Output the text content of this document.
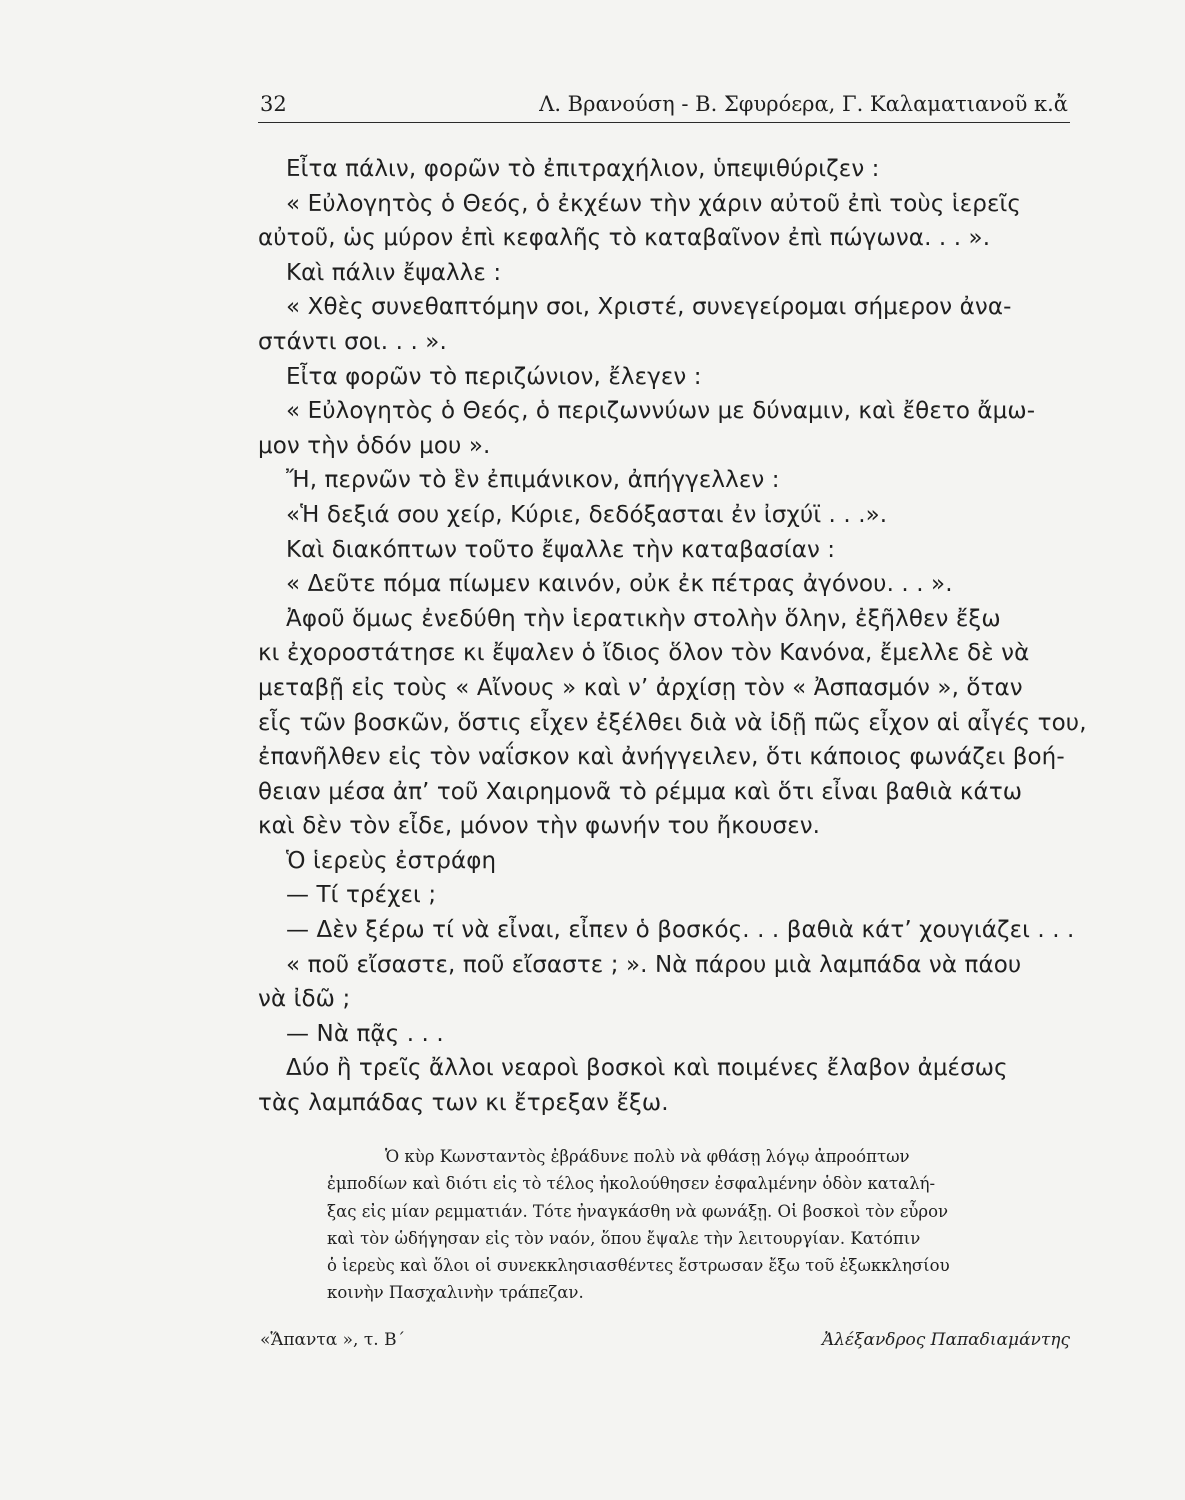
32	Λ. Βρανούση - Β. Σφυρόερα, Γ. Καλαματιανοῦ κ.ἄ
Εἶτα πάλιν, φορῶν τὸ ἐπιτραχήλιον, ὑπεψιθύριζεν :
« Εὐλογητὸς ὁ Θεός, ὁ ἐκχέων τὴν χάριν αὐτοῦ ἐπὶ τοὺς ἱερεῖς
αὐτοῦ, ὡς μύρον ἐπὶ κεφαλῆς τὸ καταβαῖνον ἐπὶ πώγωνα. . . ».
Καὶ πάλιν ἔψαλλε :
« Χθὲς συνεθαπτόμην σοι, Χριστέ, συνεγείρομαι σήμερον ἀνα-
στάντι σοι. . . ».
Εἶτα φορῶν τὸ περιζώνιον, ἔλεγεν :
« Εὐλογητὸς ὁ Θεός, ὁ περιζωννύων με δύναμιν, καὶ ἔθετο ἄμω-
μον τὴν ὁδόν μου ».
Ἤ, περνῶν τὸ ἓν ἐπιμάνικον, ἀπήγγελλεν :
«Ἡ δεξιά σου χείρ, Κύριε, δεδόξασται ἐν ἰσχύϊ . . .».
Καὶ διακόπτων τοῦτο ἔψαλλε τὴν καταβασίαν :
« Δεῦτε πόμα πίωμεν καινόν, οὐκ ἐκ πέτρας ἀγόνου. . . ».
Ἀφοῦ ὅμως ἐνεδύθη τὴν ἱερατικὴν στολὴν ὅλην, ἐξῆλθεν ἔξω
κι ἐχοροστάτησε κι ἔψαλεν ὁ ἴδιος ὅλον τὸν Κανόνα, ἔμελλε δὲ νὰ
μεταβῇ εἰς τοὺς « Αἴνους » καὶ ν’ ἀρχίσῃ τὸν « Ἀσπασμόν », ὅταν
εἷς τῶν βοσκῶν, ὅστις εἶχεν ἐξέλθει διὰ νὰ ἰδῇ πῶς εἶχον αἱ αἶγές του,
ἐπανῆλθεν εἰς τὸν ναΐσκον καὶ ἀνήγγειλεν, ὅτι κάποιος φωνάζει βοή-
θειαν μέσα ἀπ’ τοῦ Χαιρημονᾶ τὸ ρέμμα καὶ ὅτι εἶναι βαθιὰ κάτω
καὶ δὲν τὸν εἶδε, μόνον τὴν φωνήν του ἤκουσεν.
Ὁ ἱερεὺς ἐστράφη
— Τί τρέχει ;
— Δὲν ξέρω τί νὰ εἶναι, εἶπεν ὁ βοσκός. . . βαθιὰ κάτ’ χουγιάζει . . .
« ποῦ εἴσαστε, ποῦ εἴσαστε ; ». Νὰ πάρου μιὰ λαμπάδα νὰ πάου
νὰ ἰδῶ ;
— Νὰ πᾷς . . .
Δύο ἢ τρεῖς ἄλλοι νεαροὶ βοσκοὶ καὶ ποιμένες ἔλαβον ἀμέσως
τὰς λαμπάδας των κι ἔτρεξαν ἔξω.
Ὁ κὺρ Κωνσταντὸς ἐβράδυνε πολὺ νὰ φθάσῃ λόγῳ ἀπροόπτων
ἐμποδίων καὶ διότι εἰς τὸ τέλος ἠκολούθησεν ἐσφαλμένην ὁδὸν καταλή-
ξας εἰς μίαν ρεμματιάν. Τότε ἠναγκάσθη νὰ φωνάξῃ. Οἱ βοσκοὶ τὸν εὗρον
καὶ τὸν ὡδήγησαν εἰς τὸν ναόν, ὅπου ἔψαλε τὴν λειτουργίαν. Κατόπιν
ὁ ἱερεὺς καὶ ὅλοι οἱ συνεκκλησιασθέντες ἔστρωσαν ἔξω τοῦ ἐξωκκλησίου
κοινὴν Πασχαλινὴν τράπεζαν.
«Ἅπαντα », τ. Β΄	Ἀλέξανδρος Παπαδιαμάντης
